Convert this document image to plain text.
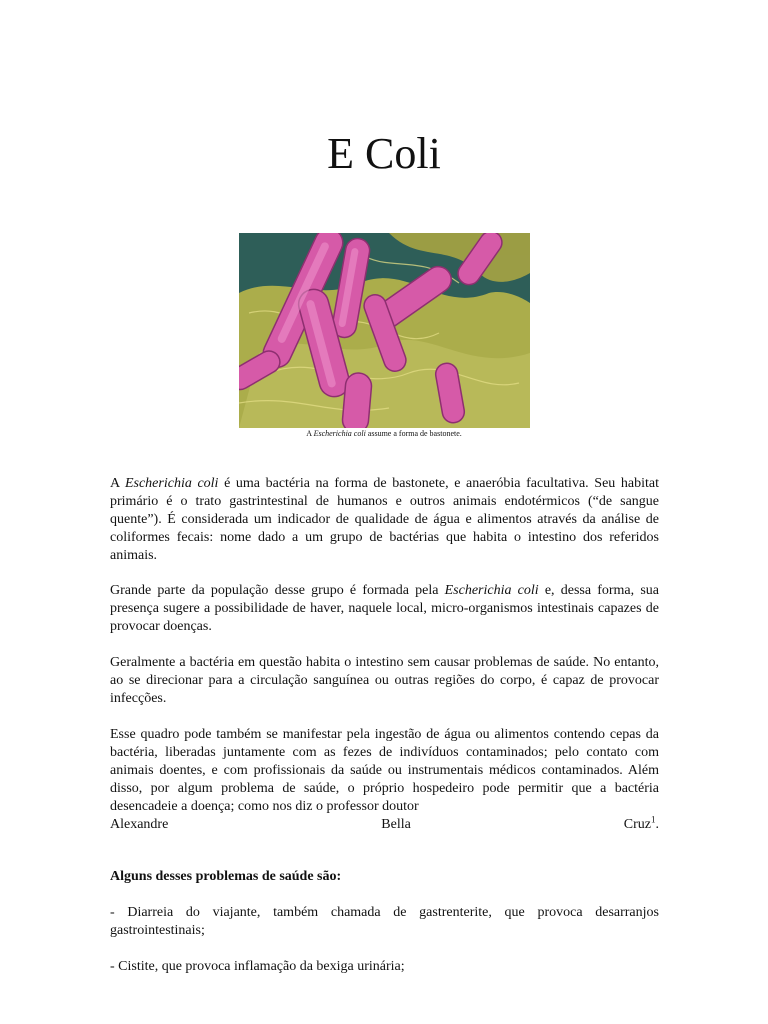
E Coli
A Escherichia coli assume a forma de bastonete.
A Escherichia coli é uma bactéria na forma de bastonete, e anaeróbia facultativa. Seu habitat primário é o trato gastrintestinal de humanos e outros animais endotérmicos (“de sangue quente”). É considerada um indicador de qualidade de água e alimentos através da análise de coliformes fecais: nome dado a um grupo de bactérias que habita o intestino dos referidos animais.
Grande parte da população desse grupo é formada pela Escherichia coli e, dessa forma, sua presença sugere a possibilidade de haver, naquele local, micro-organismos intestinais capazes de provocar doenças.
Geralmente a bactéria em questão habita o intestino sem causar problemas de saúde. No entanto, ao se direcionar para a circulação sanguínea ou outras regiões do corpo, é capaz de provocar infecções.
Esse quadro pode também se manifestar pela ingestão de água ou alimentos contendo cepas da bactéria, liberadas juntamente com as fezes de indivíduos contaminados; pelo contato com animais doentes, e com profissionais da saúde ou instrumentais médicos contaminados. Além disso, por algum problema de saúde, o próprio hospedeiro pode permitir que a bactéria desencadeie a doença; como nos diz o professor doutor
Alexandre	Bella	Cruz$^1$.
Alguns desses problemas de saúde são:
- Diarreia do viajante, também chamada de gastrenterite, que provoca desarranjos gastrointestinais;
- Cistite, que provoca inflamação da bexiga urinária;
